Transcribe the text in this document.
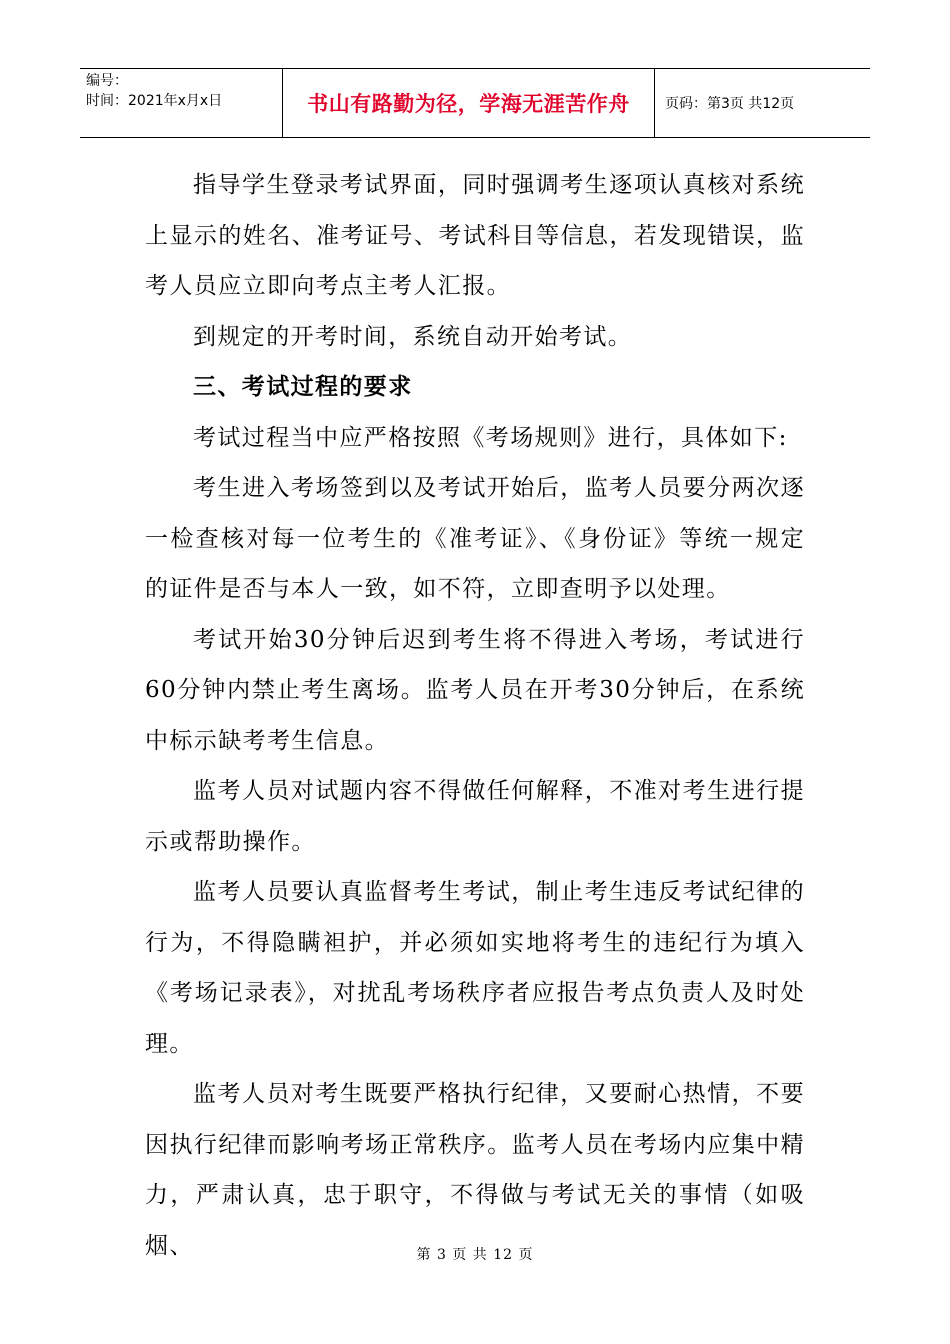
编号：
时间：2021年x月x日	书山有路勤为径，学海无涯苦作舟	页码：第3页 共12页

指导学生登录考试界面，同时强调考生逐项认真核对系统上显示的姓名、准考证号、考试科目等信息，若发现错误，监考人员应立即向考点主考人汇报。

到规定的开考时间，系统自动开始考试。

三、考试过程的要求

考试过程当中应严格按照《考场规则》进行，具体如下:

考生进入考场签到以及考试开始后，监考人员要分两次逐一检查核对每一位考生的《准考证》、《身份证》等统一规定的证件是否与本人一致，如不符，立即查明予以处理。

考试开始30分钟后迟到考生将不得进入考场，考试进行60分钟内禁止考生离场。监考人员在开考30分钟后，在系统中标示缺考考生信息。

监考人员对试题内容不得做任何解释，不准对考生进行提示或帮助操作。

监考人员要认真监督考生考试，制止考生违反考试纪律的行为，不得隐瞒袒护，并必须如实地将考生的违纪行为填入《考场记录表》，对扰乱考场秩序者应报告考点负责人及时处理。

监考人员对考生既要严格执行纪律，又要耐心热情，不要因执行纪律而影响考场正常秩序。监考人员在考场内应集中精力，严肃认真，忠于职守，不得做与考试无关的事情（如吸烟、	第 3 页 共 12 页
